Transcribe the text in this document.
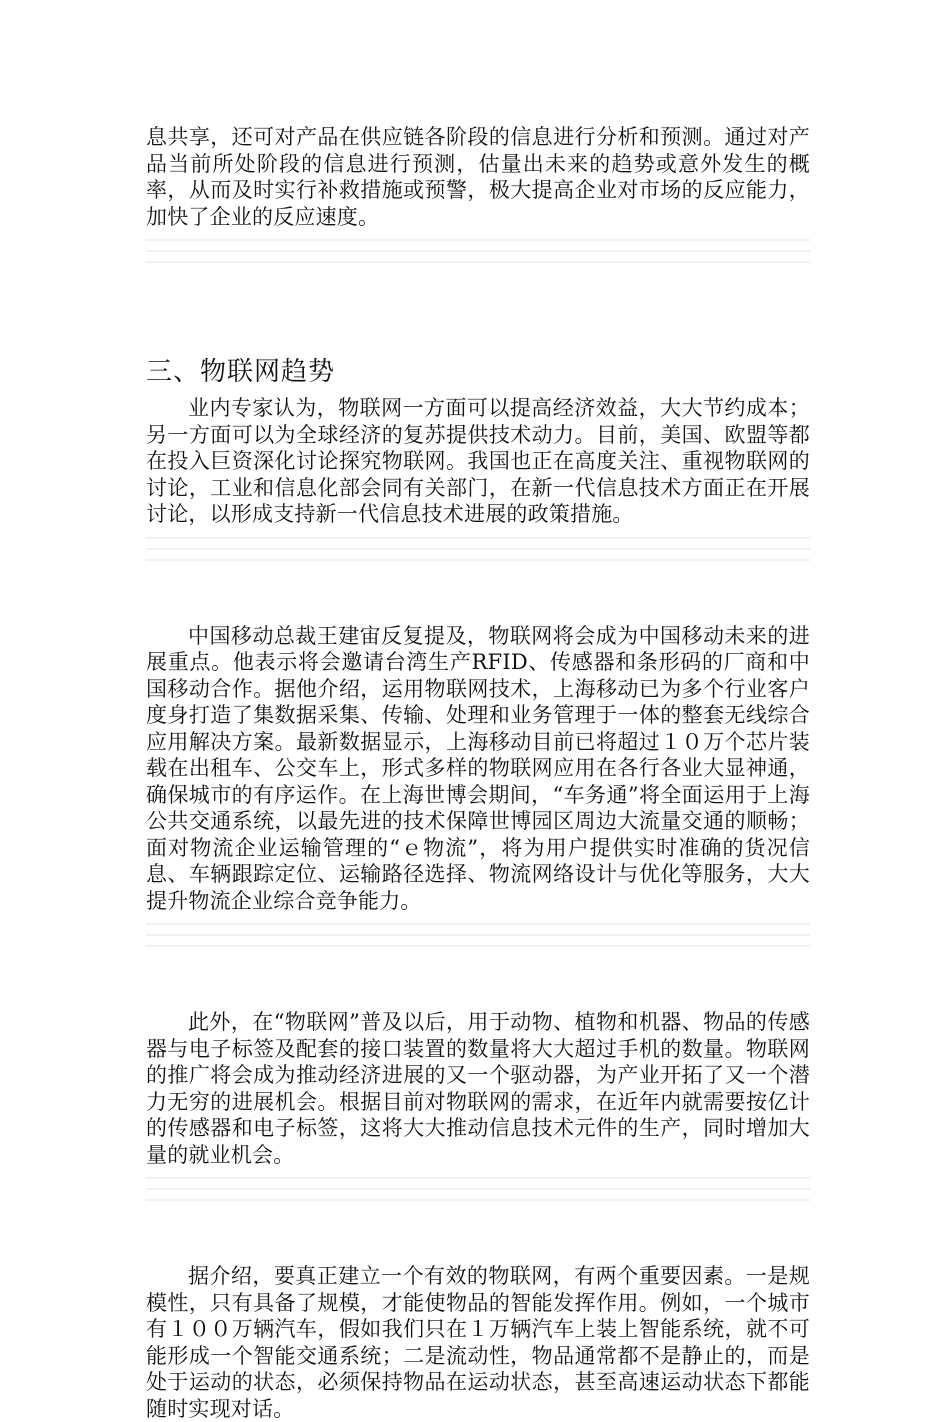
息共享，还可对产品在供应链各阶段的信息进行分析和预测。通过对产品当前所处阶段的信息进行预测，估量出未来的趋势或意外发生的概率，从而及时实行补救措施或预警，极大提高企业对市场的反应能力，加快了企业的反应速度。

三、物联网趋势

业内专家认为，物联网一方面可以提高经济效益，大大节约成本；另一方面可以为全球经济的复苏提供技术动力。目前，美国、欧盟等都在投入巨资深化讨论探究物联网。我国也正在高度关注、重视物联网的讨论，工业和信息化部会同有关部门，在新一代信息技术方面正在开展讨论，以形成支持新一代信息技术进展的政策措施。

中国移动总裁王建宙反复提及，物联网将会成为中国移动未来的进展重点。他表示将会邀请台湾生产RFID、传感器和条形码的厂商和中国移动合作。据他介绍，运用物联网技术，上海移动已为多个行业客户度身打造了集数据采集、传输、处理和业务管理于一体的整套无线综合应用解决方案。最新数据显示，上海移动目前已将超过１０万个芯片装载在出租车、公交车上，形式多样的物联网应用在各行各业大显神通，确保城市的有序运作。在上海世博会期间，“车务通”将全面运用于上海公共交通系统，以最先进的技术保障世博园区周边大流量交通的顺畅；面对物流企业运输管理的“ｅ物流”，将为用户提供实时准确的货况信息、车辆跟踪定位、运输路径选择、物流网络设计与优化等服务，大大提升物流企业综合竞争能力。

此外，在“物联网”普及以后，用于动物、植物和机器、物品的传感器与电子标签及配套的接口装置的数量将大大超过手机的数量。物联网的推广将会成为推动经济进展的又一个驱动器，为产业开拓了又一个潜力无穷的进展机会。根据目前对物联网的需求，在近年内就需要按亿计的传感器和电子标签，这将大大推动信息技术元件的生产，同时增加大量的就业机会。

据介绍，要真正建立一个有效的物联网，有两个重要因素。一是规模性，只有具备了规模，才能使物品的智能发挥作用。例如，一个城市有１００万辆汽车，假如我们只在１万辆汽车上装上智能系统，就不可能形成一个智能交通系统；二是流动性，物品通常都不是静止的，而是处于运动的状态，必须保持物品在运动状态，甚至高速运动状态下都能随时实现对话。
